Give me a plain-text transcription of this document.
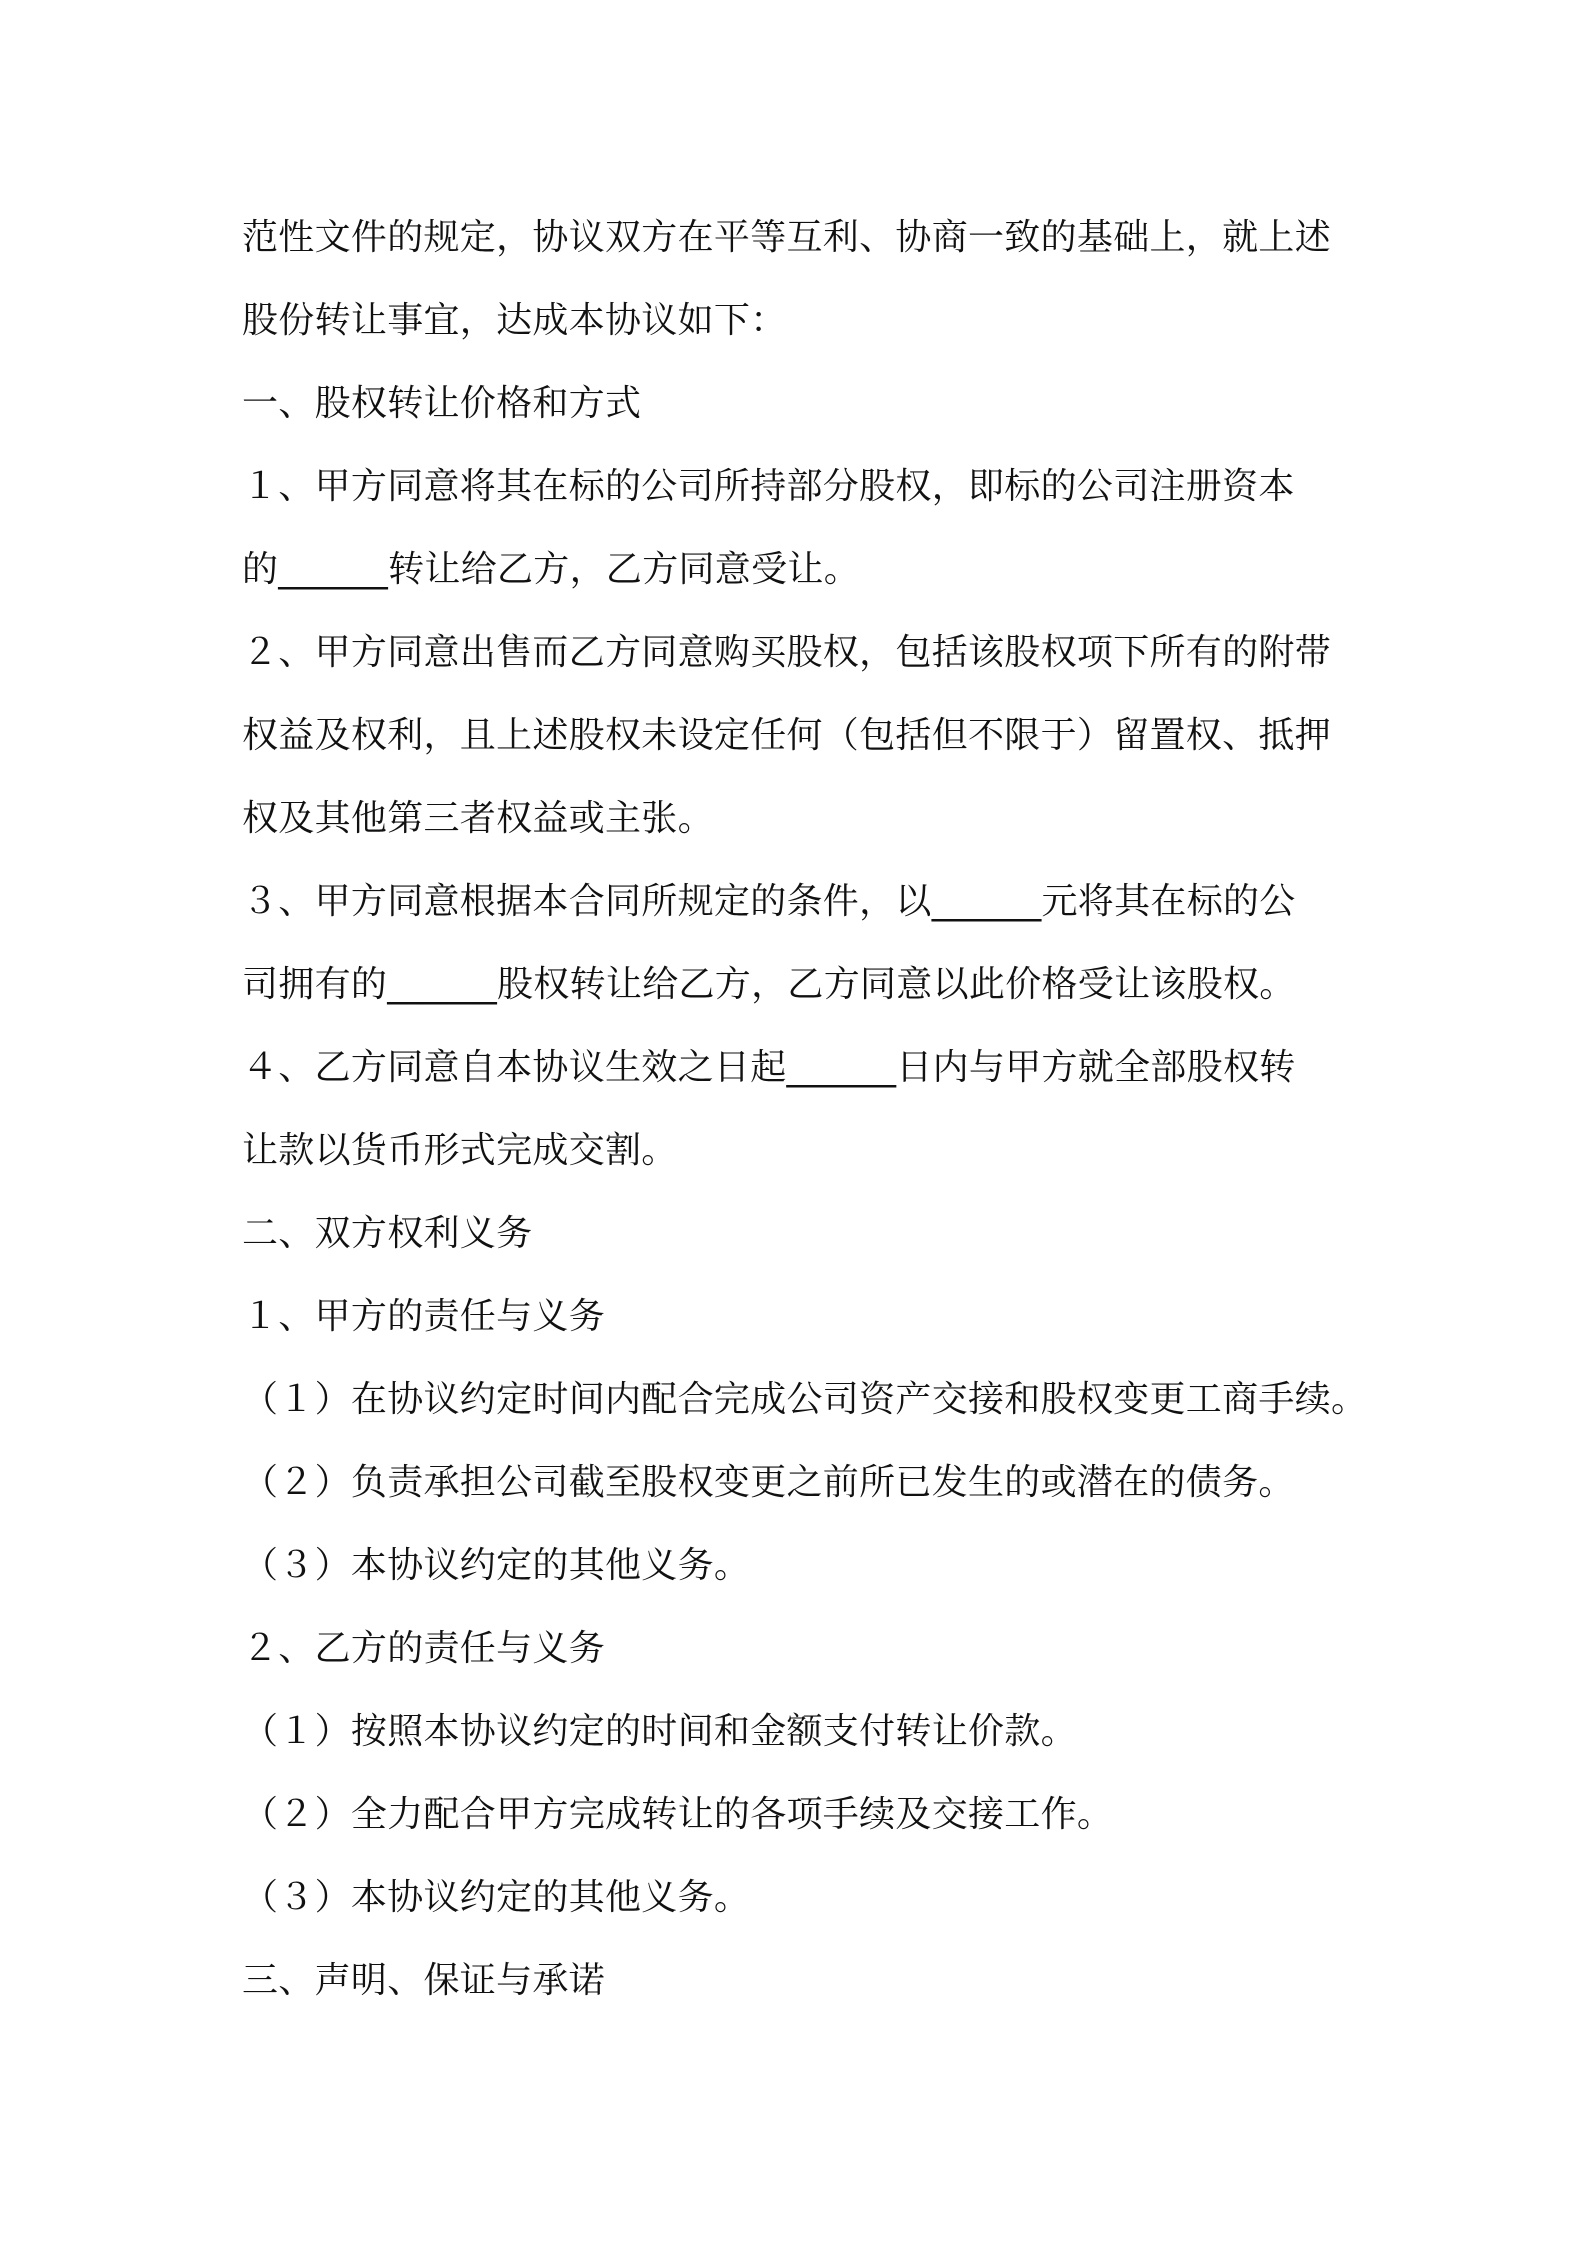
范性文件的规定，协议双方在平等互利、协商一致的基础上，就上述
股份转让事宜，达成本协议如下：
一、股权转让价格和方式
１、甲方同意将其在标的公司所持部分股权，即标的公司注册资本
的______转让给乙方，乙方同意受让。
２、甲方同意出售而乙方同意购买股权，包括该股权项下所有的附带
权益及权利，且上述股权未设定任何（包括但不限于）留置权、抵押
权及其他第三者权益或主张。
３、甲方同意根据本合同所规定的条件，以______元将其在标的公
司拥有的______股权转让给乙方，乙方同意以此价格受让该股权。
４、乙方同意自本协议生效之日起______日内与甲方就全部股权转
让款以货币形式完成交割。
二、双方权利义务
１、甲方的责任与义务
（１）在协议约定时间内配合完成公司资产交接和股权变更工商手续。
（２）负责承担公司截至股权变更之前所已发生的或潜在的债务。
（３）本协议约定的其他义务。
２、乙方的责任与义务
（１）按照本协议约定的时间和金额支付转让价款。
（２）全力配合甲方完成转让的各项手续及交接工作。
（３）本协议约定的其他义务。
三、声明、保证与承诺
